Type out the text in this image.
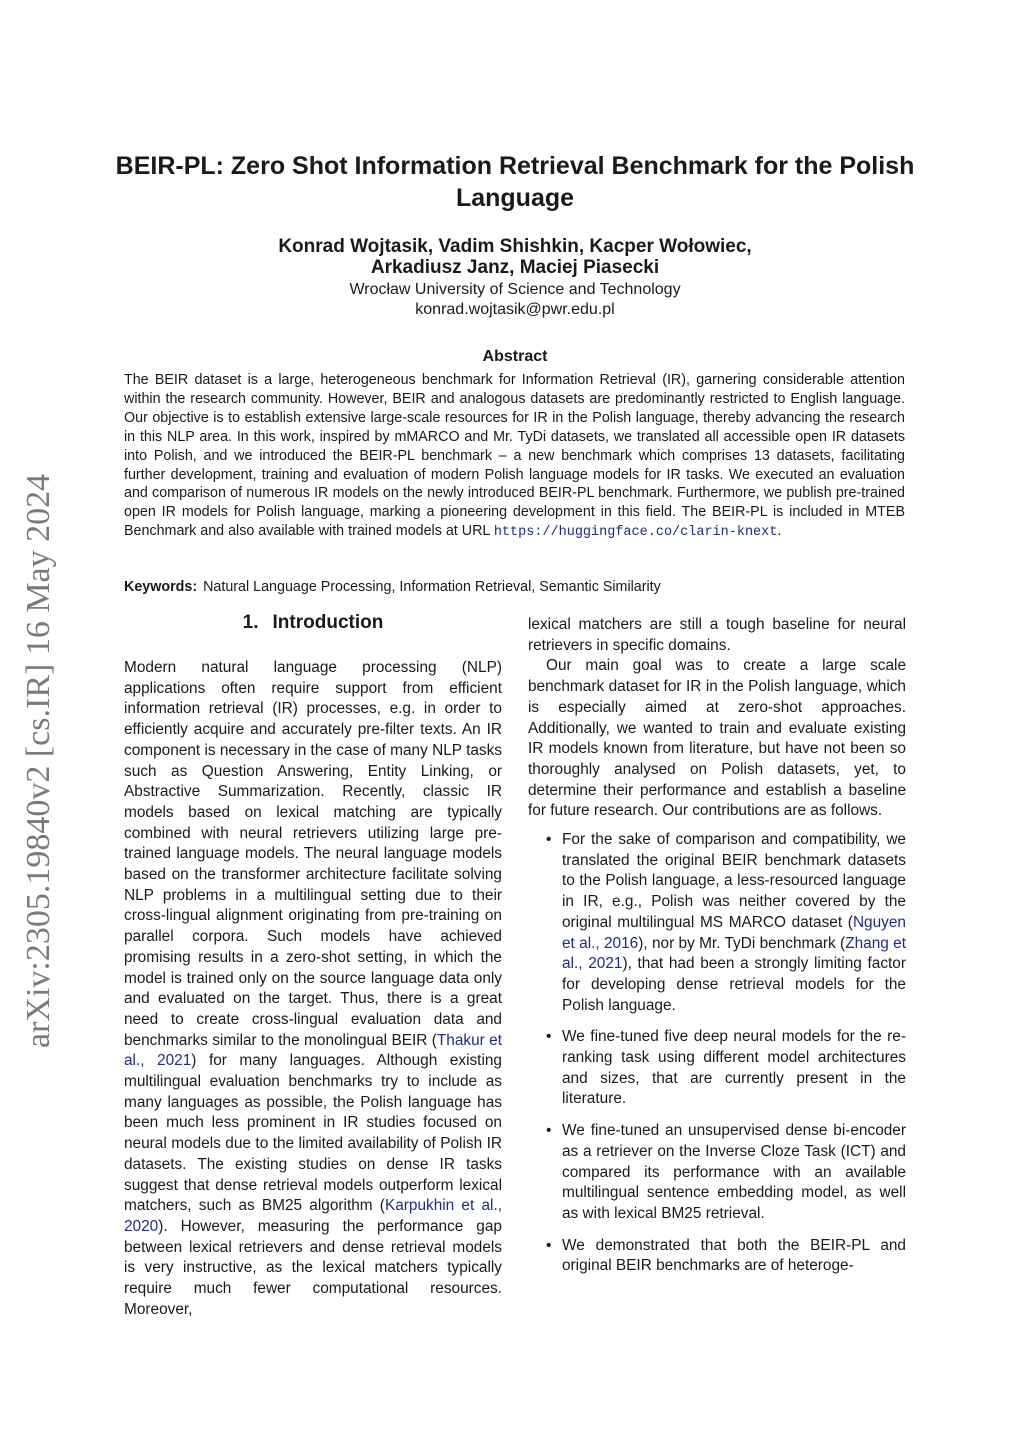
arXiv:2305.19840v2 [cs.IR] 16 May 2024
BEIR-PL: Zero Shot Information Retrieval Benchmark for the Polish Language
Konrad Wojtasik, Vadim Shishkin, Kacper Wołowiec,
Arkadiusz Janz, Maciej Piasecki
Wrocław University of Science and Technology
konrad.wojtasik@pwr.edu.pl
Abstract
The BEIR dataset is a large, heterogeneous benchmark for Information Retrieval (IR), garnering considerable attention within the research community. However, BEIR and analogous datasets are predominantly restricted to English language. Our objective is to establish extensive large-scale resources for IR in the Polish language, thereby advancing the research in this NLP area. In this work, inspired by mMARCO and Mr. TyDi datasets, we translated all accessible open IR datasets into Polish, and we introduced the BEIR-PL benchmark – a new benchmark which comprises 13 datasets, facilitating further development, training and evaluation of modern Polish language models for IR tasks. We executed an evaluation and comparison of numerous IR models on the newly introduced BEIR-PL benchmark. Furthermore, we publish pre-trained open IR models for Polish language, marking a pioneering development in this field. The BEIR-PL is included in MTEB Benchmark and also available with trained models at URL https://huggingface.co/clarin-knext.
Keywords: Natural Language Processing, Information Retrieval, Semantic Similarity
1. Introduction

Modern natural language processing (NLP) applications often require support from efficient information retrieval (IR) processes, e.g. in order to efficiently acquire and accurately pre-filter texts. An IR component is necessary in the case of many NLP tasks such as Question Answering, Entity Linking, or Abstractive Summarization. Recently, classic IR models based on lexical matching are typically combined with neural retrievers utilizing large pre-trained language models. The neural language models based on the transformer architecture facilitate solving NLP problems in a multilingual setting due to their cross-lingual alignment originating from pre-training on parallel corpora. Such models have achieved promising results in a zero-shot setting, in which the model is trained only on the source language data only and evaluated on the target. Thus, there is a great need to create cross-lingual evaluation data and benchmarks similar to the monolingual BEIR (Thakur et al., 2021) for many languages. Although existing multilingual evaluation benchmarks try to include as many languages as possible, the Polish language has been much less prominent in IR studies focused on neural models due to the limited availability of Polish IR datasets. The existing studies on dense IR tasks suggest that dense retrieval models outperform lexical matchers, such as BM25 algorithm (Karpukhin et al., 2020). However, measuring the performance gap between lexical retrievers and dense retrieval models is very instructive, as the lexical matchers typically require much fewer computational resources. Moreover,

lexical matchers are still a tough baseline for neural retrievers in specific domains.

Our main goal was to create a large scale benchmark dataset for IR in the Polish language, which is especially aimed at zero-shot approaches. Additionally, we wanted to train and evaluate existing IR models known from literature, but have not been so thoroughly analysed on Polish datasets, yet, to determine their performance and establish a baseline for future research. Our contributions are as follows.

• For the sake of comparison and compatibility, we translated the original BEIR benchmark datasets to the Polish language, a less-resourced language in IR, e.g., Polish was neither covered by the original multilingual MS MARCO dataset (Nguyen et al., 2016), nor by Mr. TyDi benchmark (Zhang et al., 2021), that had been a strongly limiting factor for developing dense retrieval models for the Polish language.
• We fine-tuned five deep neural models for the re-ranking task using different model architectures and sizes, that are currently present in the literature.
• We fine-tuned an unsupervised dense bi-encoder as a retriever on the Inverse Cloze Task (ICT) and compared its performance with an available multilingual sentence embedding model, as well as with lexical BM25 retrieval.
• We demonstrated that both the BEIR-PL and original BEIR benchmarks are of heteroge-
